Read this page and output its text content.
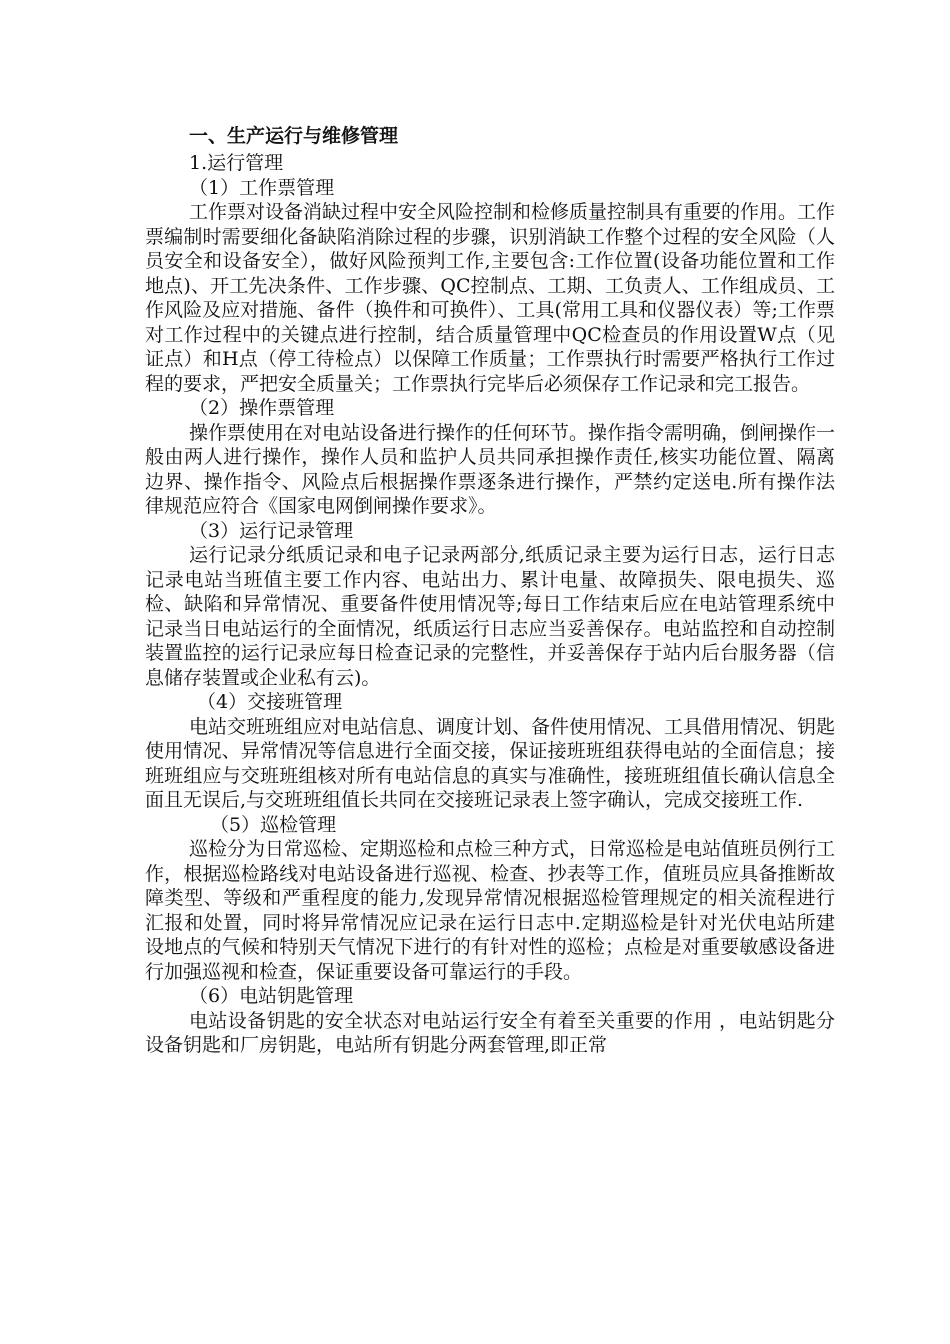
一、生产运行与维修管理
1.运行管理
（1）工作票管理

工作票对设备消缺过程中安全风险控制和检修质量控制具有重要的作用。工作票编制时需要细化备缺陷消除过程的步骤，识别消缺工作整个过程的安全风险（人员安全和设备安全），做好风险预判工作,主要包含:工作位置(设备功能位置和工作地点)、开工先决条件、工作步骤、QC控制点、工期、工负责人、工作组成员、工作风险及应对措施、备件（换件和可换件）、工具(常用工具和仪器仪表）等;工作票对工作过程中的关键点进行控制，结合质量管理中QC检查员的作用设置W点（见证点）和H点（停工待检点）以保障工作质量；工作票执行时需要严格执行工作过程的要求，严把安全质量关；工作票执行完毕后必须保存工作记录和完工报告。

（2）操作票管理

操作票使用在对电站设备进行操作的任何环节。操作指令需明确，倒闸操作一般由两人进行操作，操作人员和监护人员共同承担操作责任,核实功能位置、隔离边界、操作指令、风险点后根据操作票逐条进行操作，严禁约定送电.所有操作法律规范应符合《国家电网倒闸操作要求》。

（3）运行记录管理

运行记录分纸质记录和电子记录两部分,纸质记录主要为运行日志，运行日志记录电站当班值主要工作内容、电站出力、累计电量、故障损失、限电损失、巡检、缺陷和异常情况、重要备件使用情况等;每日工作结束后应在电站管理系统中记录当日电站运行的全面情况，纸质运行日志应当妥善保存。电站监控和自动控制装置监控的运行记录应每日检查记录的完整性，并妥善保存于站内后台服务器（信息储存装置或企业私有云)。

（4）交接班管理

电站交班班组应对电站信息、调度计划、备件使用情况、工具借用情况、钥匙使用情况、异常情况等信息进行全面交接，保证接班班组获得电站的全面信息；接班班组应与交班班组核对所有电站信息的真实与准确性，接班班组值长确认信息全面且无误后,与交班班组值长共同在交接班记录表上签字确认，完成交接班工作.

（5）巡检管理

巡检分为日常巡检、定期巡检和点检三种方式，日常巡检是电站值班员例行工作，根据巡检路线对电站设备进行巡视、检查、抄表等工作，值班员应具备推断故障类型、等级和严重程度的能力,发现异常情况根据巡检管理规定的相关流程进行汇报和处置，同时将异常情况应记录在运行日志中.定期巡检是针对光伏电站所建设地点的气候和特别天气情况下进行的有针对性的巡检；点检是对重要敏感设备进行加强巡视和检查，保证重要设备可靠运行的手段。

（6）电站钥匙管理

电站设备钥匙的安全状态对电站运行安全有着至关重要的作用 ，电站钥匙分设备钥匙和厂房钥匙，电站所有钥匙分两套管理,即正常
